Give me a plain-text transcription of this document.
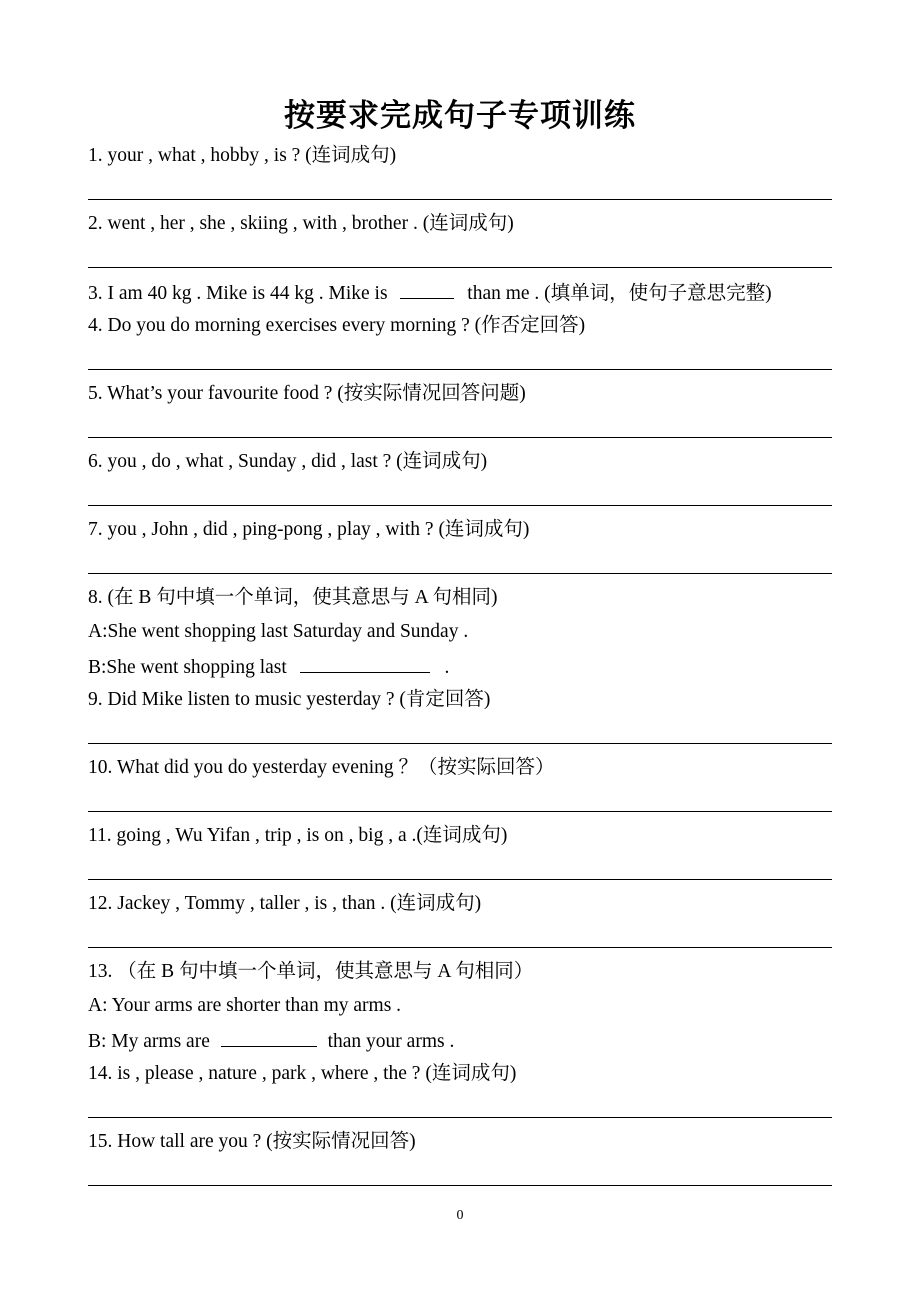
按要求完成句子专项训练
1. your , what , hobby , is ? (连词成句)
2. went , her , she , skiing , with , brother . (连词成句)
3. I am 40 kg . Mike is 44 kg . Mike is	than me . (填单词，使句子意思完整)
4. Do you do morning exercises every morning ? (作否定回答)
5. What’s your favourite food ? (按实际情况回答问题)
6. you , do , what , Sunday , did , last ? (连词成句)
7. you , John , did , ping-pong , play , with ? (连词成句)
8. (在 B 句中填一个单词，使其意思与 A 句相同)
A:She went shopping last Saturday and Sunday .
B:She went shopping last	.
9. Did Mike listen to music yesterday ? (肯定回答)
10. What did you do yesterday evening ？（按实际回答）
11. going , Wu Yifan , trip , is on , big , a .(连词成句)
12. Jackey , Tommy , taller , is , than . (连词成句)
13. （在 B 句中填一个单词，使其意思与 A 句相同）
A: Your arms are shorter than my arms .
B: My arms are	than your arms .
14. is , please , nature , park , where , the ? (连词成句)
15. How tall are you ? (按实际情况回答)
0
